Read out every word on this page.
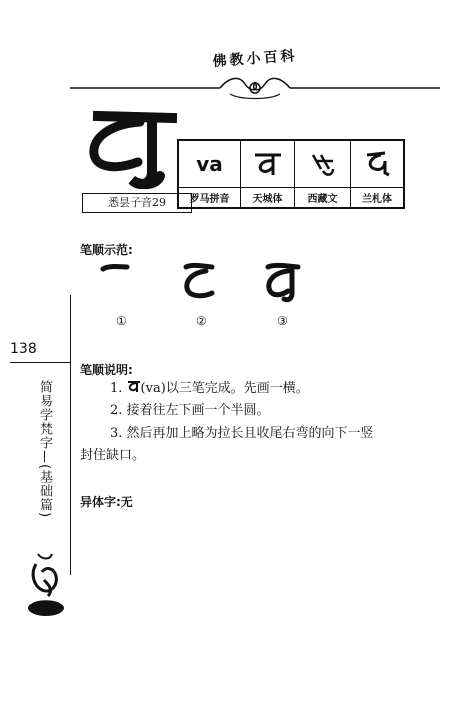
佛教小百科
悉昙子音29
va
罗马拼音	天城体	西藏文	兰札体
笔顺示范:
①	②	③
138
简易学梵字—(基础篇)
笔顺说明:
1. (va)以三笔完成。先画一横。
2. 接着往左下画一个半圆。
3. 然后再加上略为拉长且收尾右弯的向下一竖
封住缺口。
异体字:无
